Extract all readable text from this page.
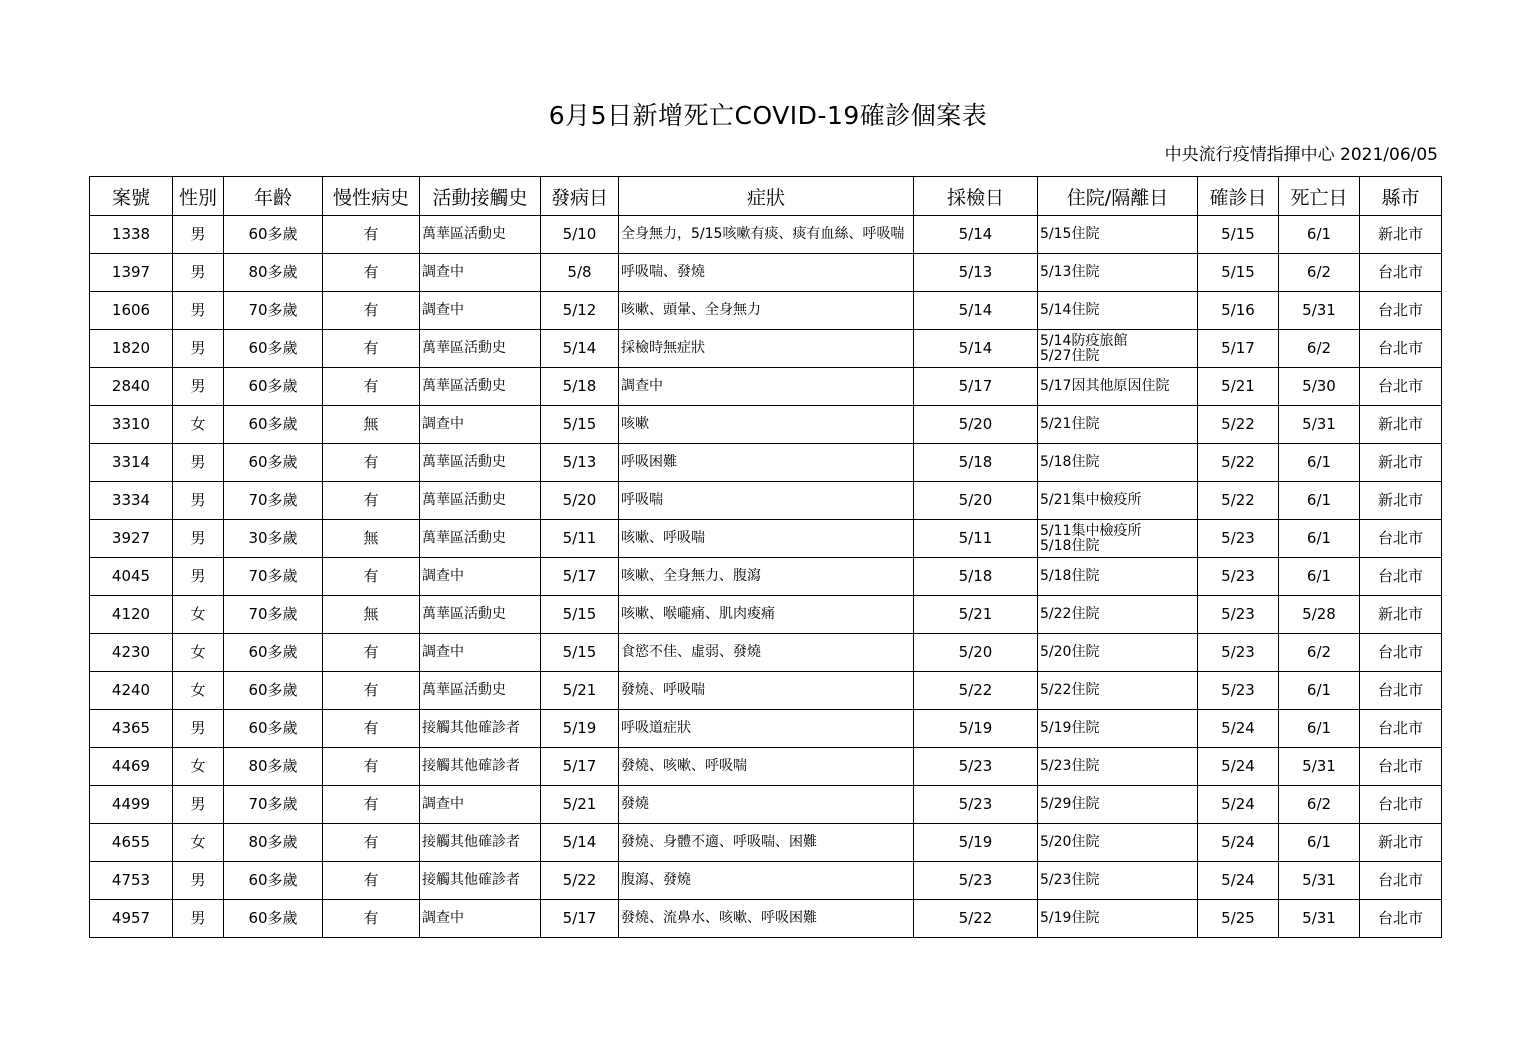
6月5日新增死亡COVID-19確診個案表
中央流行疫情指揮中心 2021/06/05
案號	性別	年齡	慢性病史	活動接觸史	發病日	症狀	採檢日	住院/隔離日	確診日	死亡日	縣市
1338	男	60多歲	有	萬華區活動史	5/10	全身無力，5/15咳嗽有痰、痰有血絲、呼吸喘	5/14	5/15住院	5/15	6/1	新北市
1397	男	80多歲	有	調查中	5/8	呼吸喘、發燒	5/13	5/13住院	5/15	6/2	台北市
1606	男	70多歲	有	調查中	5/12	咳嗽、頭暈、全身無力	5/14	5/14住院	5/16	5/31	台北市
1820	男	60多歲	有	萬華區活動史	5/14	採檢時無症狀	5/14	5/14防疫旅館
5/27住院	5/17	6/2	台北市
2840	男	60多歲	有	萬華區活動史	5/18	調查中	5/17	5/17因其他原因住院	5/21	5/30	台北市
3310	女	60多歲	無	調查中	5/15	咳嗽	5/20	5/21住院	5/22	5/31	新北市
3314	男	60多歲	有	萬華區活動史	5/13	呼吸困難	5/18	5/18住院	5/22	6/1	新北市
3334	男	70多歲	有	萬華區活動史	5/20	呼吸喘	5/20	5/21集中檢疫所	5/22	6/1	新北市
3927	男	30多歲	無	萬華區活動史	5/11	咳嗽、呼吸喘	5/11	5/11集中檢疫所
5/18住院	5/23	6/1	台北市
4045	男	70多歲	有	調查中	5/17	咳嗽、全身無力、腹瀉	5/18	5/18住院	5/23	6/1	台北市
4120	女	70多歲	無	萬華區活動史	5/15	咳嗽、喉嚨痛、肌肉痠痛	5/21	5/22住院	5/23	5/28	新北市
4230	女	60多歲	有	調查中	5/15	食慾不佳、虛弱、發燒	5/20	5/20住院	5/23	6/2	台北市
4240	女	60多歲	有	萬華區活動史	5/21	發燒、呼吸喘	5/22	5/22住院	5/23	6/1	台北市
4365	男	60多歲	有	接觸其他確診者	5/19	呼吸道症狀	5/19	5/19住院	5/24	6/1	台北市
4469	女	80多歲	有	接觸其他確診者	5/17	發燒、咳嗽、呼吸喘	5/23	5/23住院	5/24	5/31	台北市
4499	男	70多歲	有	調查中	5/21	發燒	5/23	5/29住院	5/24	6/2	台北市
4655	女	80多歲	有	接觸其他確診者	5/14	發燒、身體不適、呼吸喘、困難	5/19	5/20住院	5/24	6/1	新北市
4753	男	60多歲	有	接觸其他確診者	5/22	腹瀉、發燒	5/23	5/23住院	5/24	5/31	台北市
4957	男	60多歲	有	調查中	5/17	發燒、流鼻水、咳嗽、呼吸困難	5/22	5/19住院	5/25	5/31	台北市
